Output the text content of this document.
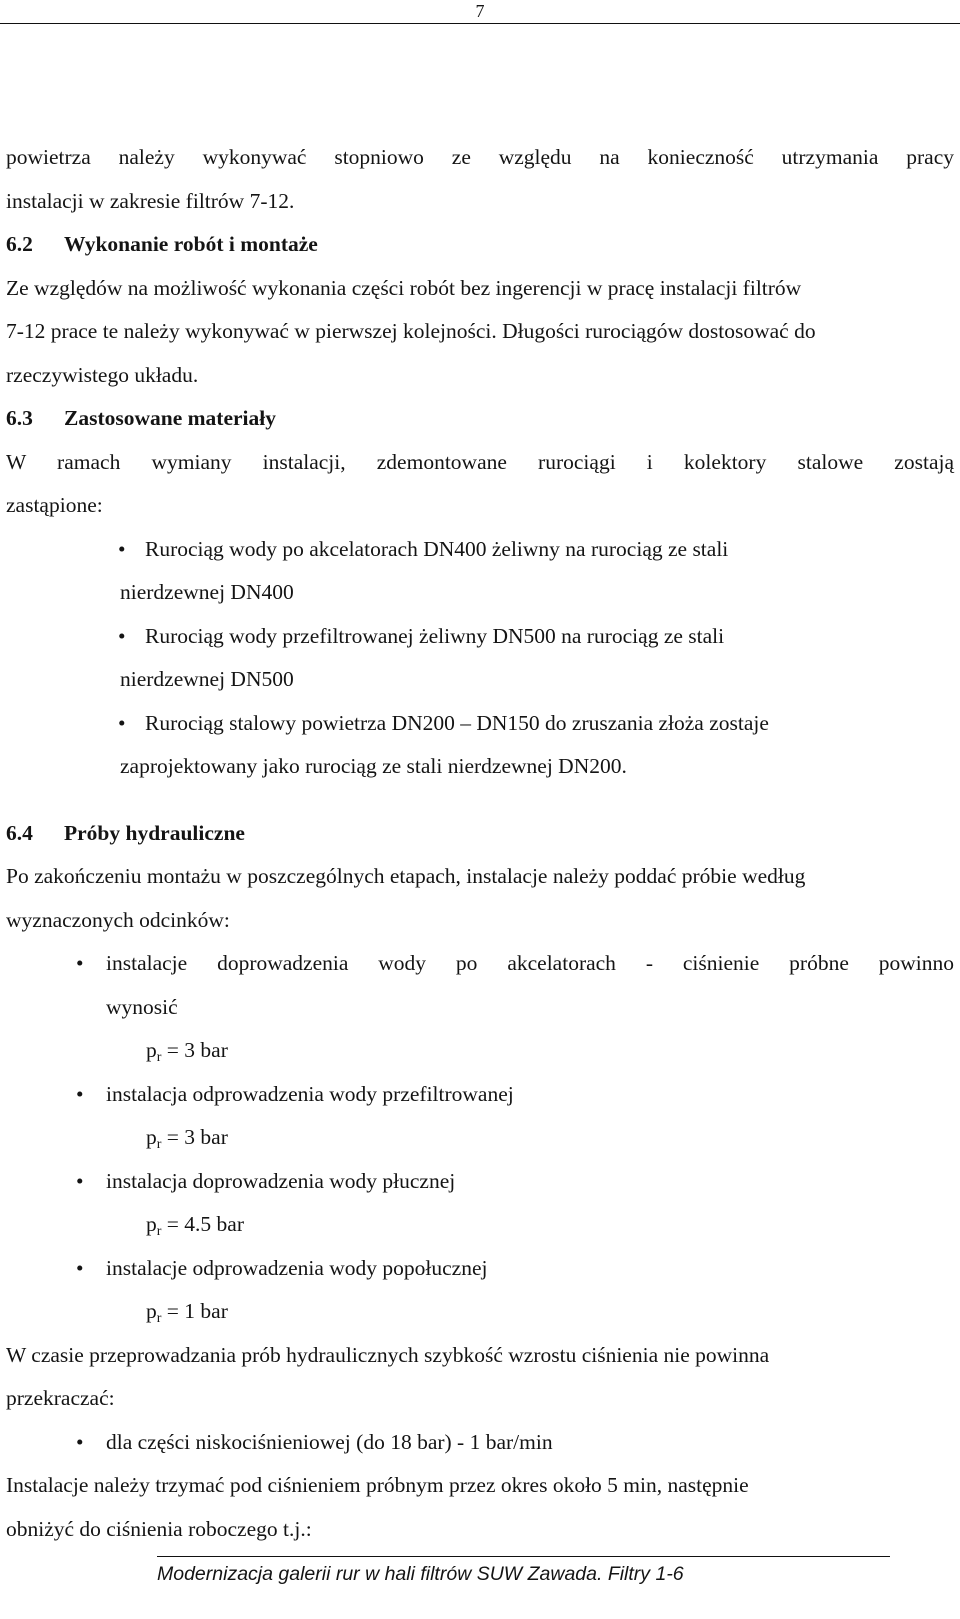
7

powietrza należy wykonywać stopniowo ze względu na konieczność utrzymania pracy

instalacji w zakresie filtrów 7-12.

6.2 Wykonanie robót i montaże

Ze względów na możliwość wykonania części robót bez ingerencji w pracę instalacji filtrów

7-12 prace te należy wykonywać w pierwszej kolejności. Długości rurociągów dostosować do

rzeczywistego układu.

6.3 Zastosowane materiały

W ramach wymiany instalacji, zdemontowane rurociągi i kolektory stalowe zostają

zastąpione:

• Rurociąg wody po akcelatorach DN400 żeliwny na rurociąg ze stali
nierdzewnej DN400
• Rurociąg wody przefiltrowanej żeliwny DN500 na rurociąg ze stali
nierdzewnej DN500
• Rurociąg stalowy powietrza DN200 – DN150 do zruszania złoża zostaje
zaprojektowany jako rurociąg ze stali nierdzewnej DN200.

6.4 Próby hydrauliczne

Po zakończeniu montażu w poszczególnych etapach, instalacje należy poddać próbie według

wyznaczonych odcinków:

• instalacje doprowadzenia wody po akcelatorach - ciśnienie próbne powinno
wynosić
$p_r = 3$ bar
• instalacja odprowadzenia wody przefiltrowanej
$p_r = 3$ bar
• instalacja doprowadzenia wody płucznej
$p_r = 4.5$ bar
• instalacje odprowadzenia wody popołucznej
$p_r = 1$ bar

W czasie przeprowadzania prób hydraulicznych szybkość wzrostu ciśnienia nie powinna

przekraczać:

• dla części niskociśnieniowej (do 18 bar) - 1 bar/min

Instalacje należy trzymać pod ciśnieniem próbnym przez okres około 5 min, następnie

obniżyć do ciśnienia roboczego t.j.:

Modernizacja galerii rur w hali filtrów SUW Zawada. Filtry 1-6
